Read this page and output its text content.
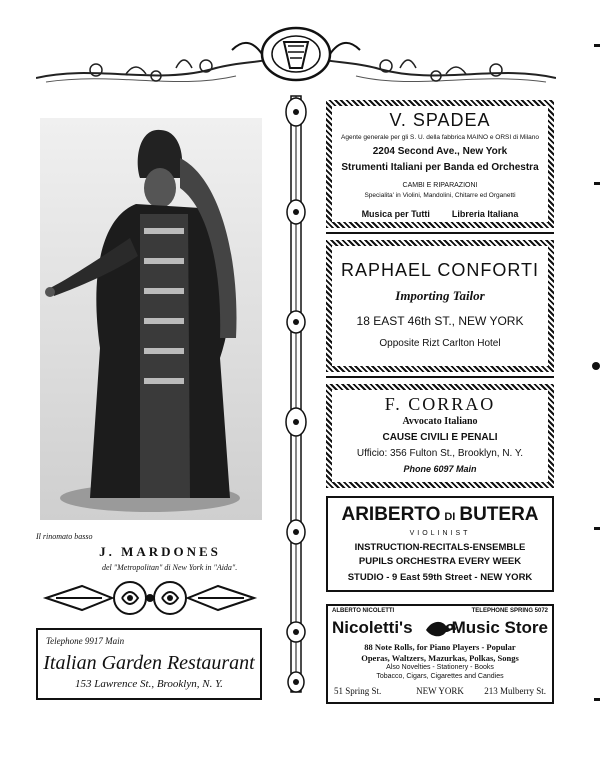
Il rinomato basso
J. MARDONES
del "Metropolitan" di New York in "Aida".
Telephone 9917 Main
Italian Garden Restaurant
153 Lawrence St., Brooklyn, N. Y.
V. SPADEA
Agente generale per gli S. U. della fabbrica MAINO e ORSI di Milano
2204 Second Ave., New York
Strumenti Italiani per Banda ed Orchestra
CAMBI E RIPARAZIONI
Specialita' in Violini, Mandolini, Chitarre ed Organetti
Musica per Tutti Libreria Italiana
RAPHAEL CONFORTI
Importing Tailor
18 EAST 46th ST., NEW YORK
Opposite Rizt Carlton Hotel
F. CORRAO
Avvocato Italiano
CAUSE CIVILI E PENALI
Ufficio: 356 Fulton St., Brooklyn, N. Y.
Phone 6097 Main
ARIBERTO DI BUTERA
VIOLINIST
INSTRUCTION-RECITALS-ENSEMBLE
PUPILS ORCHESTRA EVERY WEEK
STUDIO - 9 East 59th Street - NEW YORK
ALBERTO NICOLETTI	TELEPHONE SPRING 5072
Nicoletti's Music Store
88 Note Rolls, for Piano Players - Popular
Operas, Waltzers, Mazurkas, Polkas, Songs
Also Novelties - Stationery - Books
Tobacco, Cigars, Cigarettes and Candies
51 Spring St.	NEW YORK	213 Mulberry St.
